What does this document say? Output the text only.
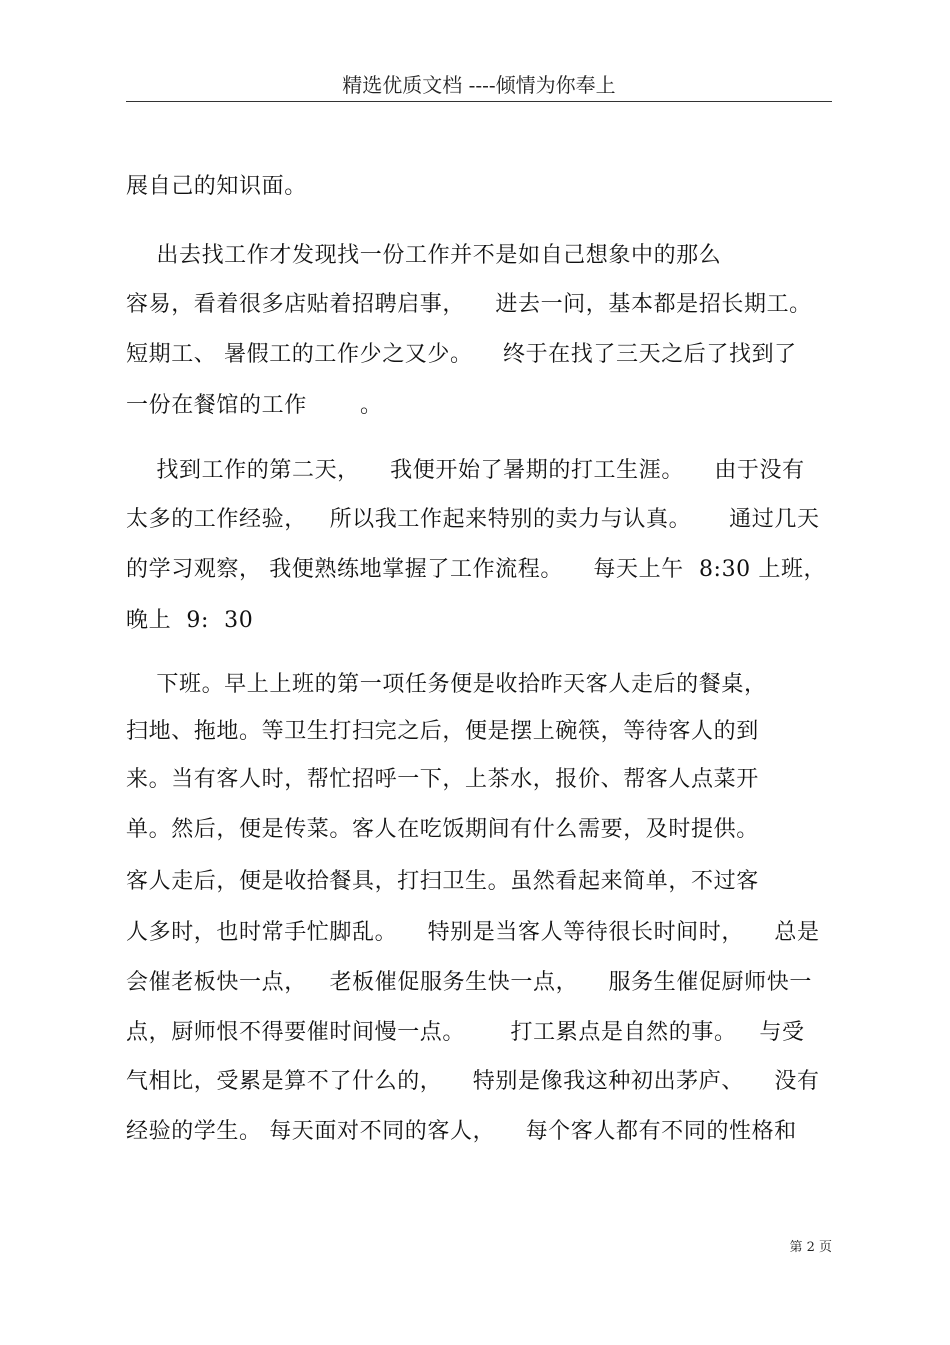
精选优质文档 ----倾情为你奉上
展自己的知识面。
出去找工作才发现找一份工作并不是如自己想象中的那么
容易，看着很多店贴着招聘启事，    进去一问，基本都是招长期工。
短期工、 暑假工的工作少之又少。    终于在找了三天之后了找到了
一份在餐馆的工作       。
找到工作的第二天，    我便开始了暑期的打工生涯。    由于没有
太多的工作经验，   所以我工作起来特别的卖力与认真。     通过几天
的学习观察， 我便熟练地掌握了工作流程。    每天上午  8:30 上班，
晚上  9:  30
下班。早上上班的第一项任务便是收拾昨天客人走后的餐桌，
扫地、拖地。等卫生打扫完之后，便是摆上碗筷，等待客人的到
来。当有客人时，帮忙招呼一下，上茶水，报价、帮客人点菜开
单。然后，便是传菜。客人在吃饭期间有什么需要，及时提供。
客人走后，便是收拾餐具，打扫卫生。虽然看起来简单，不过客
人多时，也时常手忙脚乱。    特别是当客人等待很长时间时，    总是
会催老板快一点，   老板催促服务生快一点，    服务生催促厨师快一
点，厨师恨不得要催时间慢一点。      打工累点是自然的事。   与受
气相比，受累是算不了什么的，    特别是像我这种初出茅庐、    没有
经验的学生。 每天面对不同的客人，    每个客人都有不同的性格和
第 2 页
